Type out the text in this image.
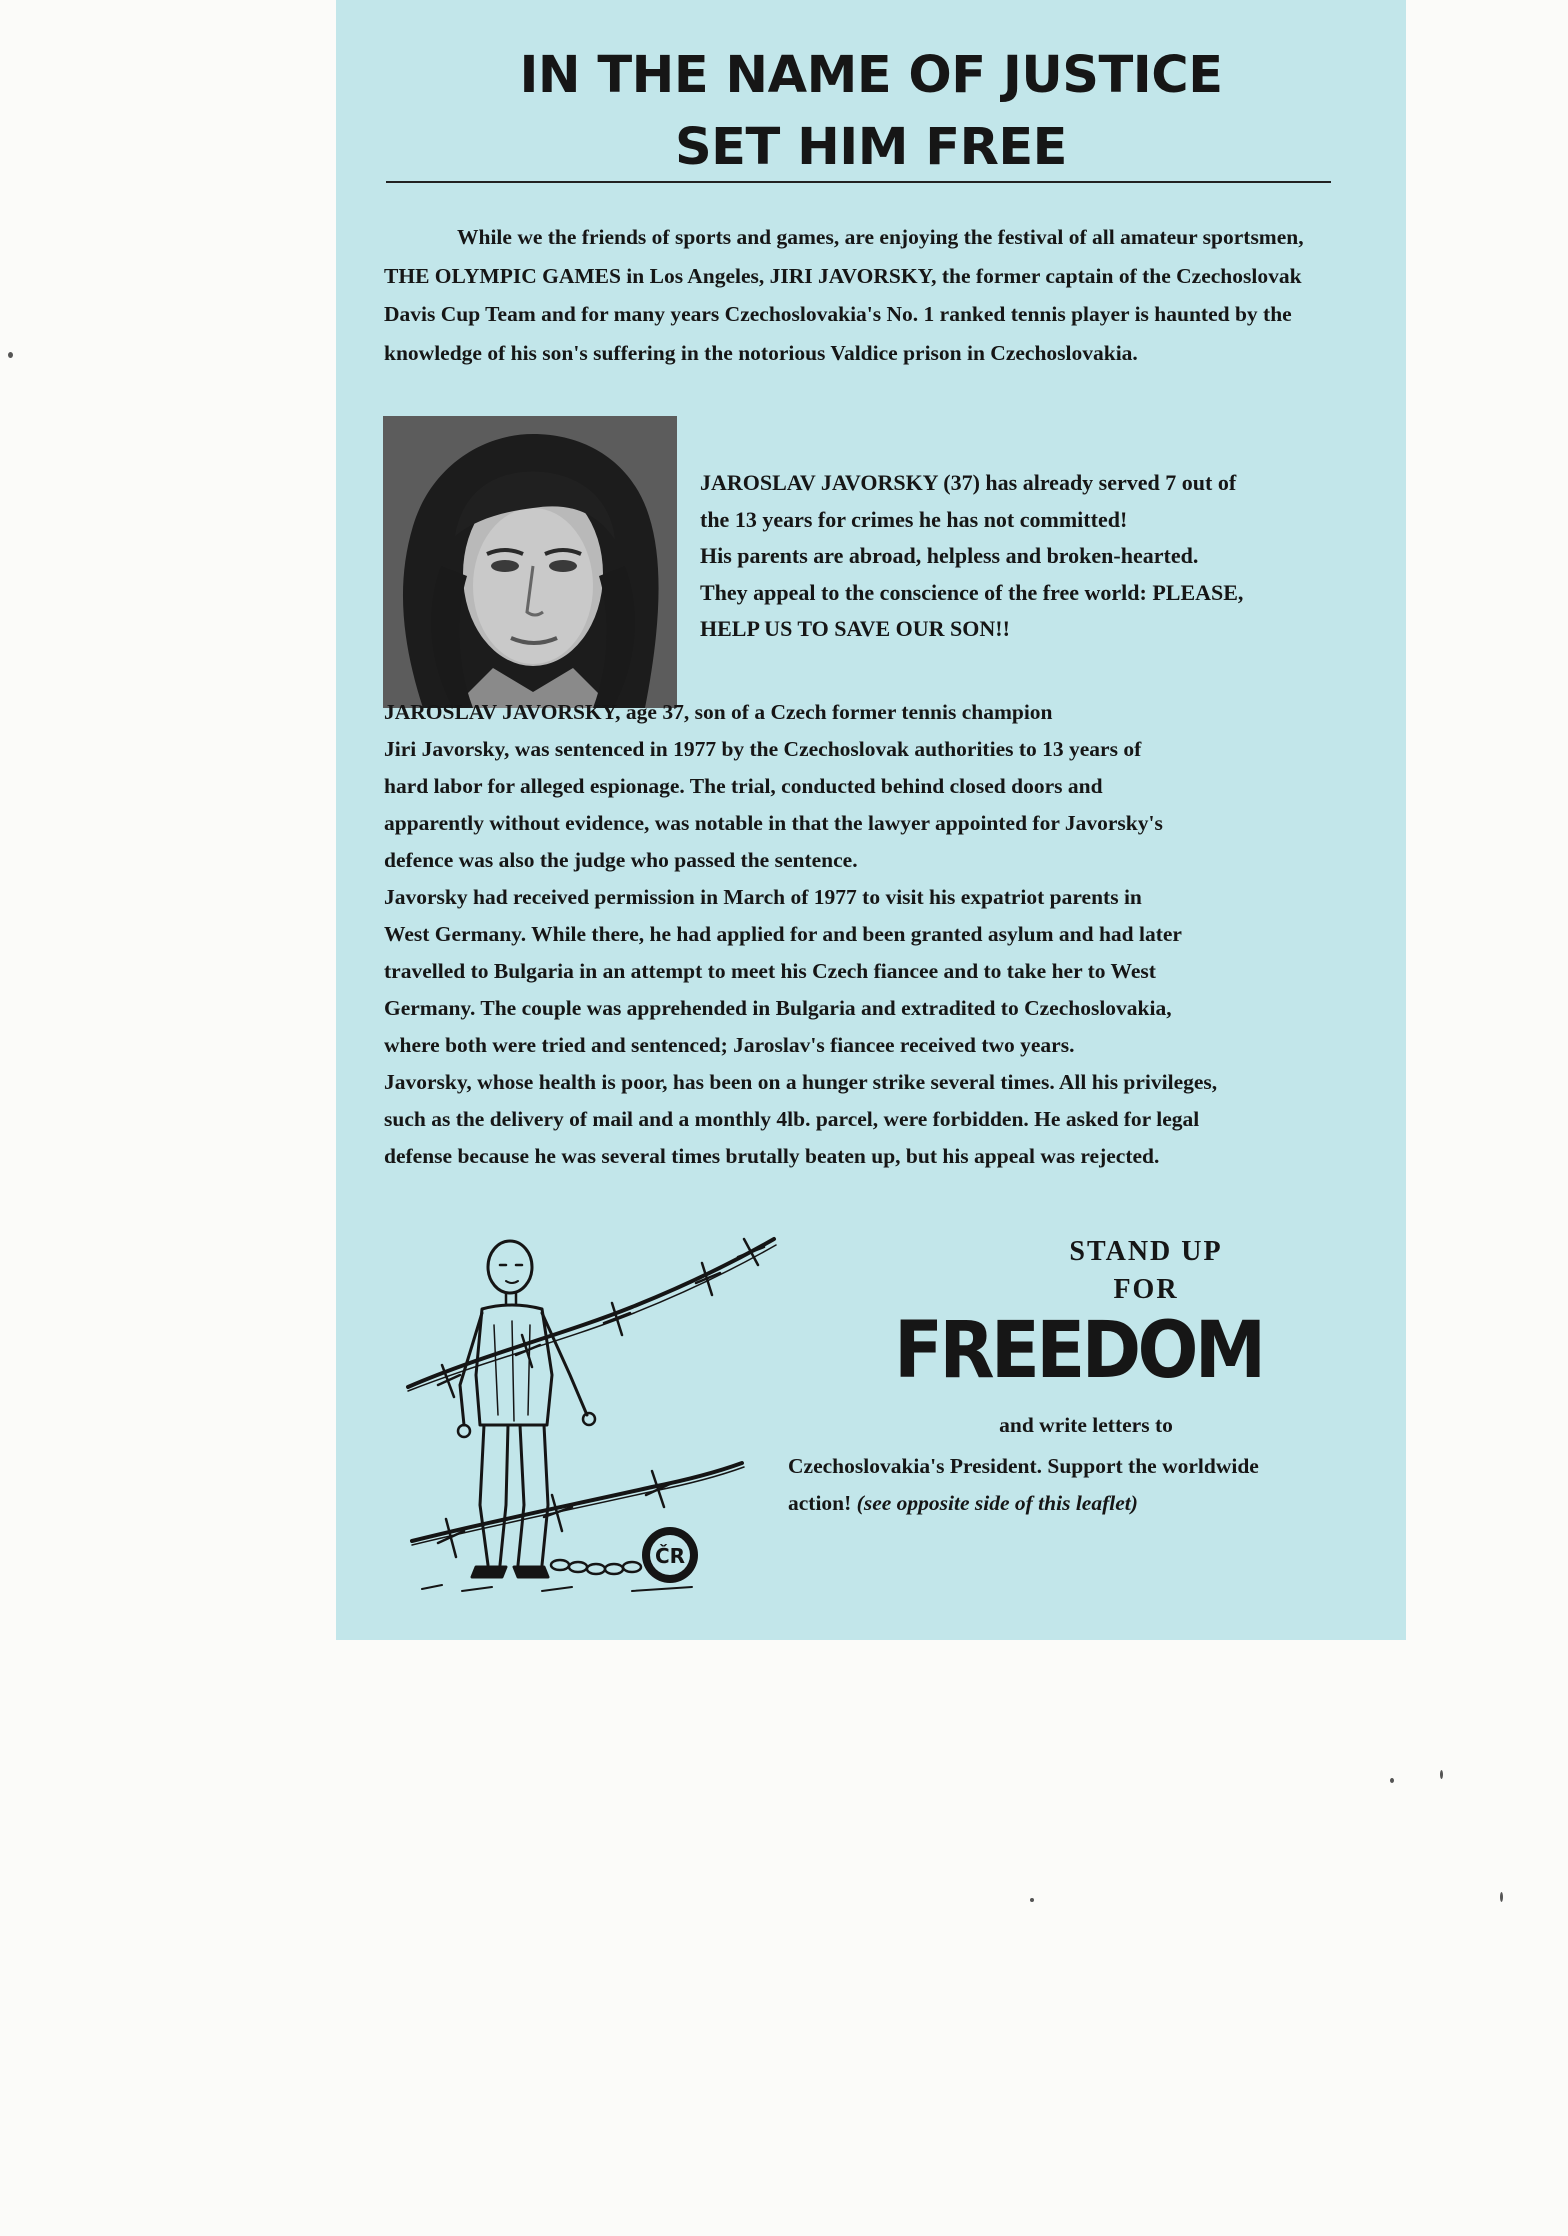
IN THE NAME OF JUSTICE
SET HIM FREE
While we the friends of sports and games, are enjoying the festival of all amateur sportsmen, THE OLYMPIC GAMES in Los Angeles, JIRI JAVORSKY, the former captain of the Czechoslovak Davis Cup Team and for many years Czechoslovakia's No. 1 ranked tennis player is haunted by the knowledge of his son's suffering in the notorious Valdice prison in Czechoslovakia.
JAROSLAV JAVORSKY (37) has already served 7 out of
the 13 years for crimes he has not committed!
His parents are abroad, helpless and broken-hearted.
They appeal to the conscience of the free world: PLEASE,
HELP US TO SAVE OUR SON!!
JAROSLAV JAVORSKY, age 37, son of a Czech former tennis champion
Jiri Javorsky, was sentenced in 1977 by the Czechoslovak authorities to 13 years of
hard labor for alleged espionage. The trial, conducted behind closed doors and
apparently without evidence, was notable in that the lawyer appointed for Javorsky's
defence was also the judge who passed the sentence.
Javorsky had received permission in March of 1977 to visit his expatriot parents in
West Germany. While there, he had applied for and been granted asylum and had later
travelled to Bulgaria in an attempt to meet his Czech fiancee and to take her to West
Germany. The couple was apprehended in Bulgaria and extradited to Czechoslovakia,
where both were tried and sentenced; Jaroslav's fiancee received two years.
Javorsky, whose health is poor, has been on a hunger strike several times. All his privileges,
such as the delivery of mail and a monthly 4lb. parcel, were forbidden. He asked for legal
defense because he was several times brutally beaten up, but his appeal was rejected.
ČR
STAND UP
FOR
FREEDOM
and write letters to
Czechoslovakia's President. Support the worldwide
action! (see opposite side of this leaflet)
